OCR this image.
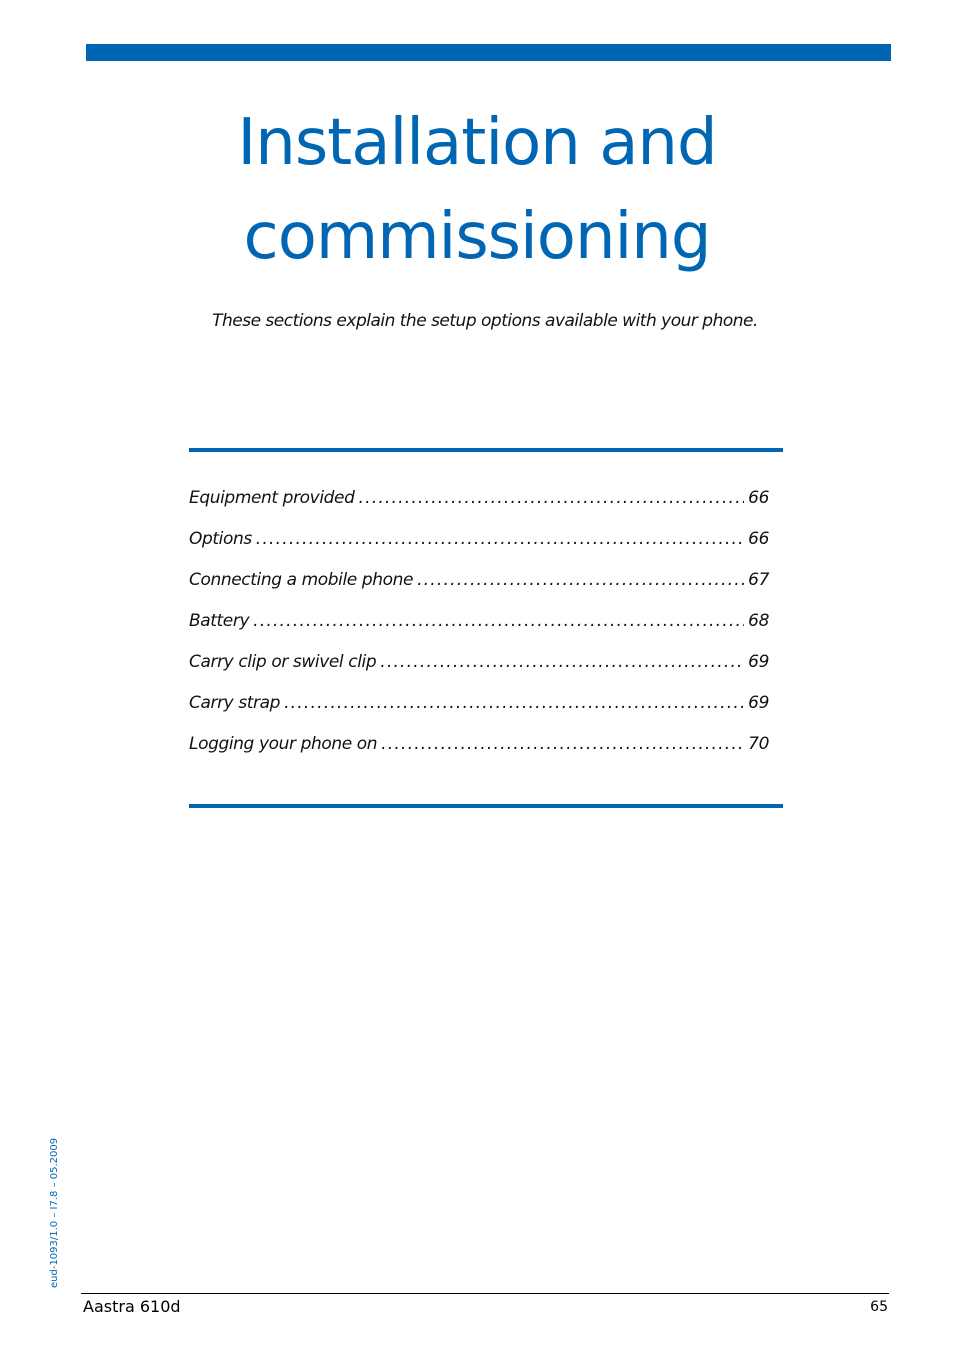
Installation and
commissioning
These sections explain the setup options available with your phone.
Equipment provided . . .	66
Options . . .	66
Connecting a mobile phone . . .	67
Battery . . .	68
Carry clip or swivel clip . . .	69
Carry strap . . .	69
Logging your phone on . . .	70
eud-1093/1.0 – I7.8 – 05.2009
Aastra 610d	65
